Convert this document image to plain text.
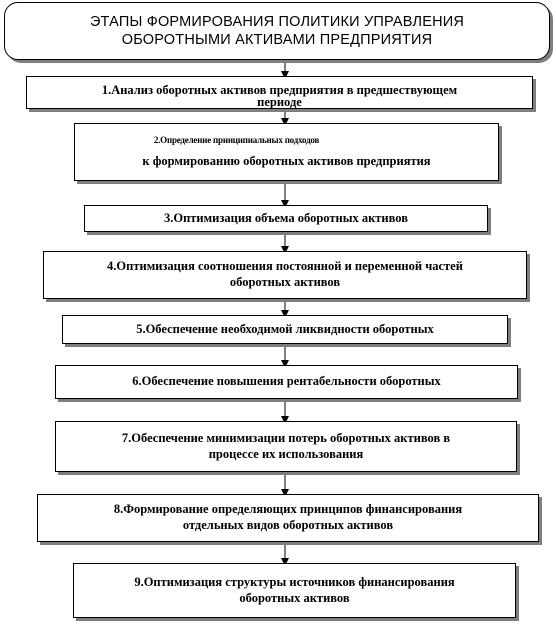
ЭТАПЫ ФОРМИРОВАНИЯ ПОЛИТИКИ УПРАВЛЕНИЯ
ОБОРОТНЫМИ АКТИВАМИ ПРЕДПРИЯТИЯ
1.Анализ оборотных активов предприятия в предшествующем
периоде
2.Определение принципиальных подходов
к формированию оборотных активов предприятия
3.Оптимизация объема оборотных активов
4.Оптимизация соотношения постоянной и переменной частей
оборотных активов
5.Обеспечение необходимой ликвидности оборотных
6.Обеспечение повышения рентабельности оборотных
7.Обеспечение минимизации потерь оборотных активов в
процессе их использования
8.Формирование определяющих принципов финансирования
отдельных видов оборотных активов
9.Оптимизация структуры источников финансирования
оборотных активов
